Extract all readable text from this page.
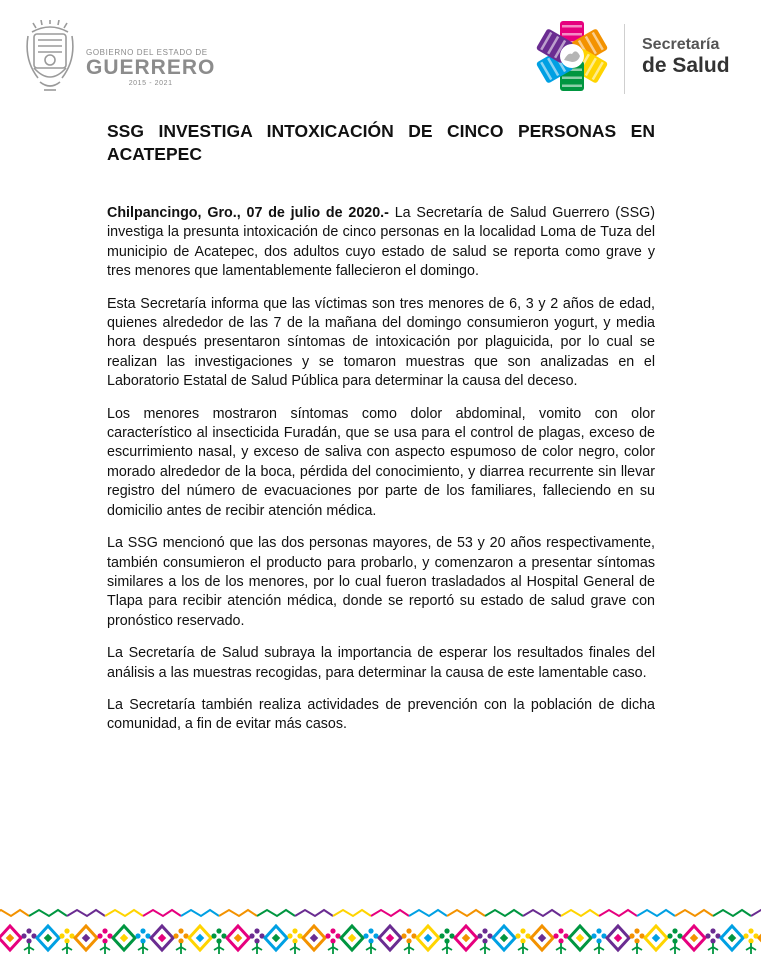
GOBIERNO DEL ESTADO DE
GUERRERO
2015 - 2021
Secretaría
de Salud
SSG INVESTIGA INTOXICACIÓN DE CINCO PERSONAS EN ACATEPEC

Chilpancingo, Gro., 07 de julio de 2020.- La Secretaría de Salud Guerrero (SSG) investiga la presunta intoxicación de cinco personas en la localidad Loma de Tuza del municipio de Acatepec, dos adultos cuyo estado de salud se reporta como grave y tres menores que lamentablemente fallecieron el domingo.

Esta Secretaría informa que las víctimas son tres menores de 6, 3 y 2 años de edad, quienes alrededor de las 7 de la mañana del domingo consumieron yogurt, y media hora después presentaron síntomas de intoxicación por plaguicida, por lo cual se realizan las investigaciones y se tomaron muestras que son analizadas en el Laboratorio Estatal de Salud Pública para determinar la causa del deceso.

Los menores mostraron síntomas como dolor abdominal, vomito con olor característico al insecticida Furadán, que se usa para el control de plagas, exceso de escurrimiento nasal, y exceso de saliva con aspecto espumoso de color negro, color morado alrededor de la boca, pérdida del conocimiento, y diarrea recurrente sin llevar registro del número de evacuaciones por parte de los familiares, falleciendo en su domicilio antes de recibir atención médica.

La SSG mencionó que las dos personas mayores, de 53 y 20 años respectivamente, también consumieron el producto para probarlo, y comenzaron a presentar síntomas similares a los de los menores, por lo cual fueron trasladados al Hospital General de Tlapa para recibir atención médica, donde se reportó su estado de salud grave con pronóstico reservado.

La Secretaría de Salud subraya la importancia de esperar los resultados finales del análisis a las muestras recogidas, para determinar la causa de este lamentable caso.

La Secretaría también realiza actividades de prevención con la población de dicha comunidad, a fin de evitar más casos.
